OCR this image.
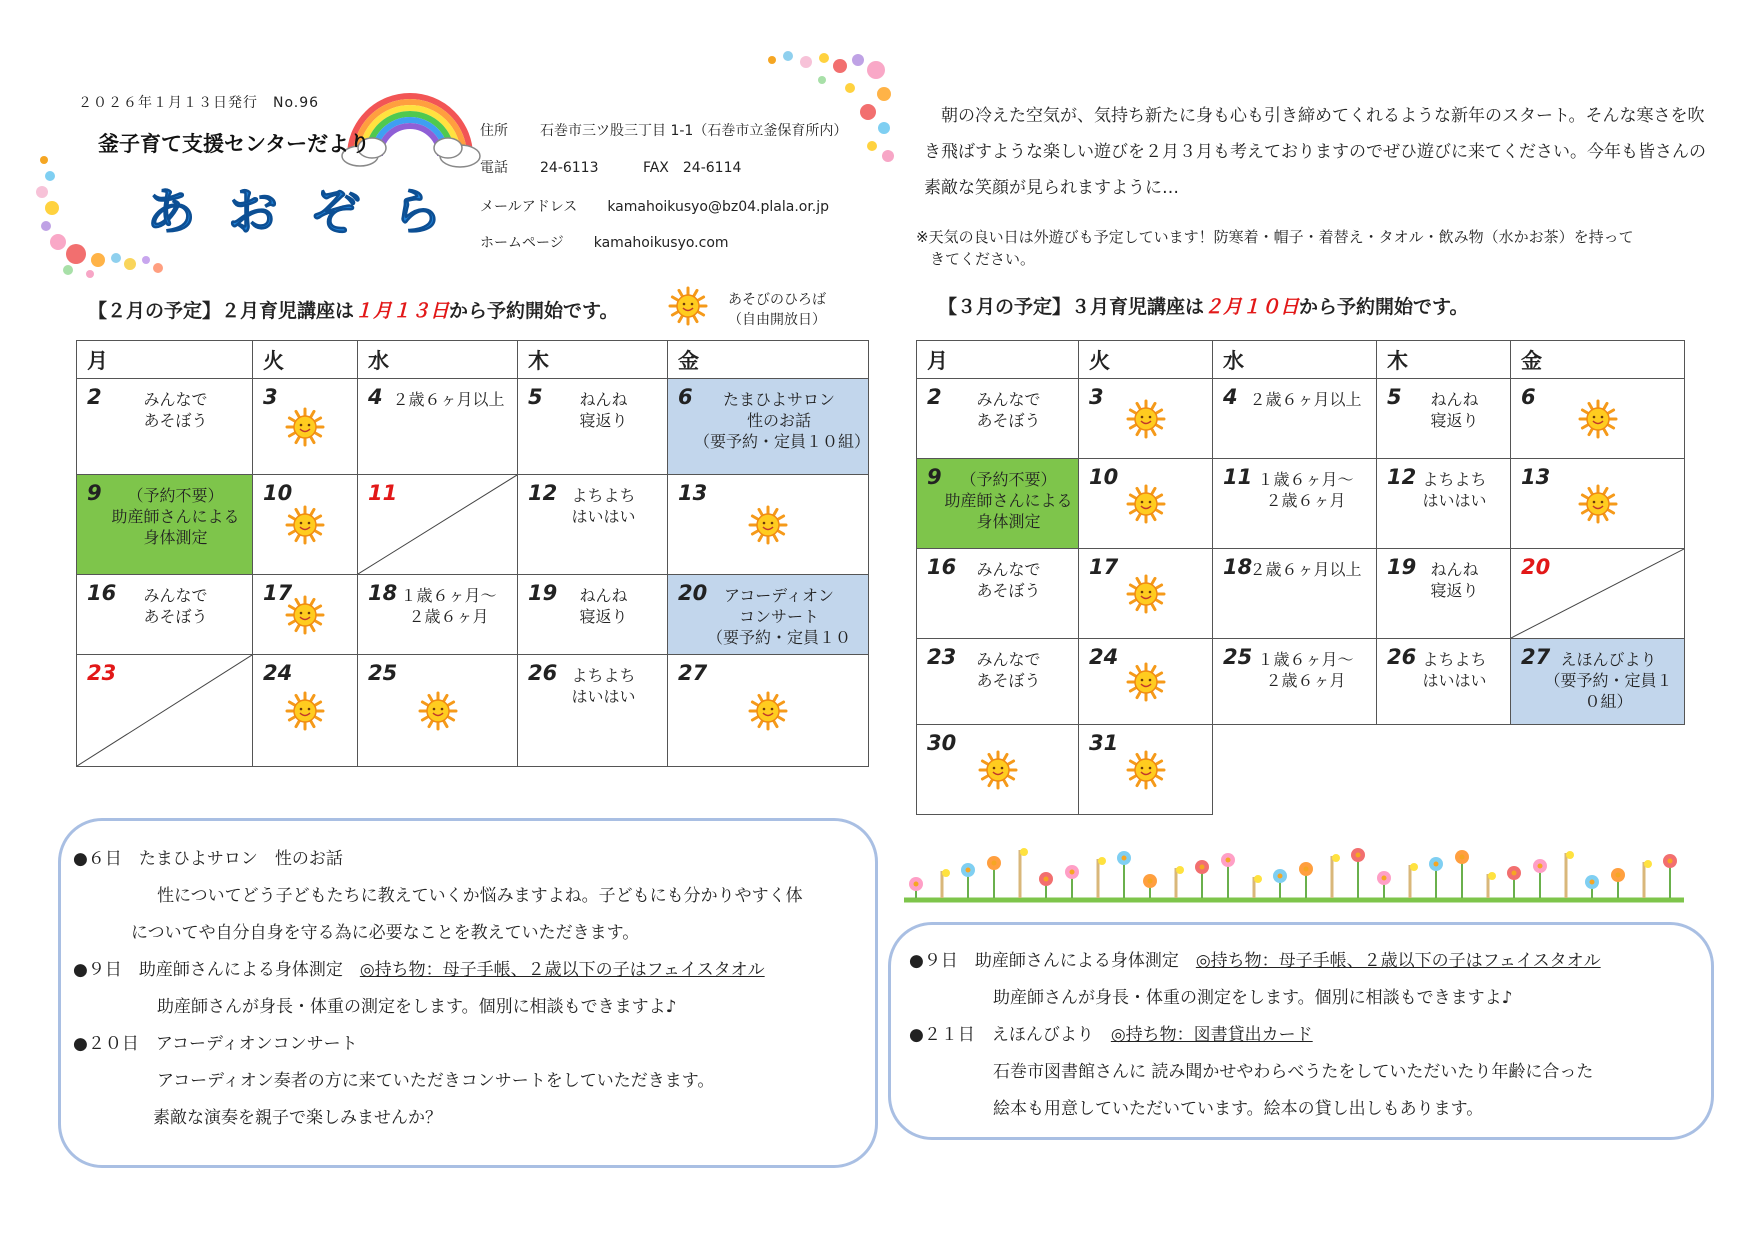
２０２６年１月１３日発行　No.96
釜子育て支援センターだより
あ お ぞ ら
住所 石巻市三ツ股三丁目 1-1（石巻市立釜保育所内）
電話 24-6113	FAX 24-6114
メールアドレス kamahoikusyo@bz04.plala.or.jp
ホームページ kamahoikusyo.com
朝の冷えた空気が、気持ち新たに身も心も引き締めてくれるような新年のスタート。そんな寒さを吹き飛ばすような楽しい遊びを２月３月も考えておりますのでぜひ遊びに来てください。今年も皆さんの素敵な笑顔が見られますように…
※天気の良い日は外遊びも予定しています！防寒着・帽子・着替え・タオル・飲み物（水かお茶）を持って
きてください。
【２月の予定】２月育児講座は１月１３日から予約開始です。	あそびのひろば
（自由開放日）
月	火	水	木	金

2 みんなで
あそぼう	3	4 ２歳６ヶ月以上	5 ねんね
寝返り	6 たまひよサロン
性のお話
（要予約・定員１０組）

9 （予約不要）
助産師さんによる
身体測定	10	11	12 よちよち
はいはい	13

16 みんなで
あそぼう	17	18 １歳６ヶ月～
２歳６ヶ月	19 ねんね
寝返り	20 アコーディオン
コンサート
（要予約・定員１０

23	24	25	26 よちよち
はいはい	27
【３月の予定】３月育児講座は２月１０日から予約開始です。
月	火	水	木	金

2 みんなで
あそぼう	3	4 ２歳６ヶ月以上	5 ねんね
寝返り	6

9 （予約不要）
助産師さんによる
身体測定	10	11 １歳６ヶ月～
２歳６ヶ月	12 よちよち
はいはい	13

16 みんなで
あそぼう	17	18
２歳６ヶ月以上	19 ねんね
寝返り	20

23 みんなで
あそぼう	24	25 １歳６ヶ月～
２歳６ヶ月	26 よちよち
はいはい	27 えほんびより
（要予約・定員１０組）

30	31			

●６日　たまひよサロン　性のお話

性についてどう子どもたちに教えていくか悩みますよね。子どもにも分かりやすく体

についてや自分自身を守る為に必要なことを教えていただきます。

●９日　助産師さんによる身体測定　 ◎持ち物：母子手帳、２歳以下の子はフェイスタオル

助産師さんが身長・体重の測定をします。個別に相談もできますよ♪

●２０日　アコーディオンコンサート

アコーディオン奏者の方に来ていただきコンサートをしていただきます。

素敵な演奏を親子で楽しみませんか？

●９日　助産師さんによる身体測定　 ◎持ち物：母子手帳、２歳以下の子はフェイスタオル

助産師さんが身長・体重の測定をします。個別に相談もできますよ♪

●２１日　えほんびより　 ◎持ち物：図書貸出カード

石巻市図書館さんに 読み聞かせやわらべうたをしていただいたり年齢に合った

絵本も用意していただいています。絵本の貸し出しもあります。
